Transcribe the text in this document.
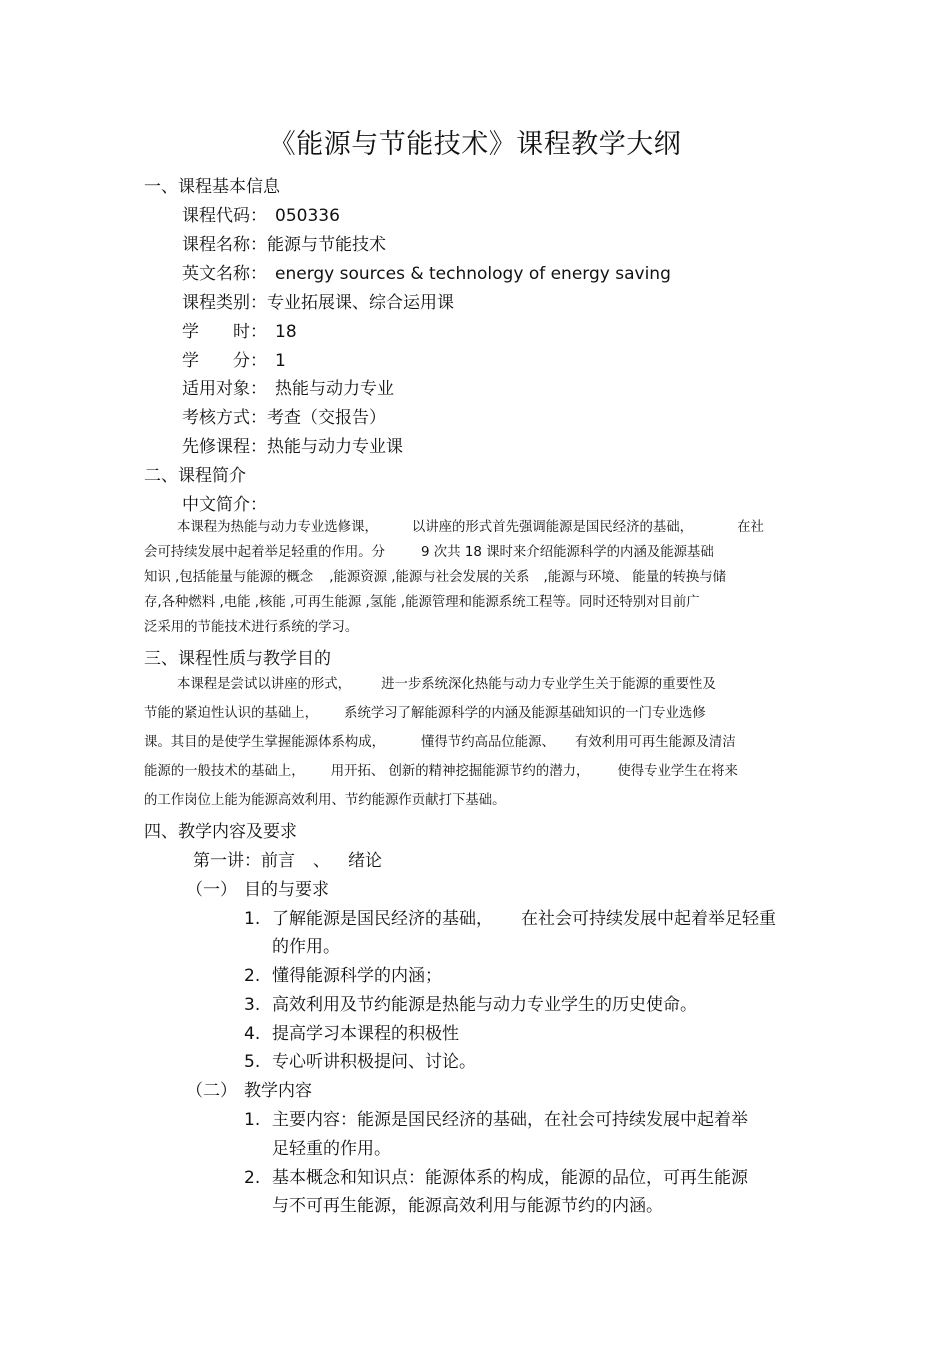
《能源与节能技术》课程教学大纲
一、课程基本信息
课程代码： 050336
课程名称：能源与节能技术
英文名称： energy sources & technology of energy saving
课程类别：专业拓展课、综合运用课
学　　时： 18
学　　分： 1
适用对象： 热能与动力专业
考核方式：考查（交报告）
先修课程：热能与动力专业课
二、课程简介
中文简介：
本课程为热能与动力专业选修课，	以讲座的形式首先强调能源是国民经济的基础，	在社
会可持续发展中起着举足轻重的作用。分	9 次共 18 课时来介绍能源科学的内涵及能源基础
知识 ,包括能量与能源的概念 ,能源资源 ,能源与社会发展的关系 ,能源与环境、 能量的转换与储
存,各种燃料 ,电能 ,核能 ,可再生能源 ,氢能 ,能源管理和能源系统工程等。同时还特别对目前广
泛采用的节能技术进行系统的学习。
三、课程性质与教学目的
本课程是尝试以讲座的形式， 进一步系统深化热能与动力专业学生关于能源的重要性及
节能的紧迫性认识的基础上， 系统学习了解能源科学的内涵及能源基础知识的一门专业选修
课。其目的是使学生掌握能源体系构成，	懂得节约高品位能源、 有效利用可再生能源及清洁
能源的一般技术的基础上， 用开拓、 创新的精神挖掘能源节约的潜力， 使得专业学生在将来
的工作岗位上能为能源高效利用、节约能源作贡献打下基础。
四、教学内容及要求
第一讲：前言 、 绪论
（一） 目的与要求
1. 了解能源是国民经济的基础， 在社会可持续发展中起着举足轻重
的作用。
2. 懂得能源科学的内涵；
3. 高效利用及节约能源是热能与动力专业学生的历史使命。
4. 提高学习本课程的积极性
5. 专心听讲积极提问、讨论。
（二） 教学内容
1. 主要内容：能源是国民经济的基础，在社会可持续发展中起着举
足轻重的作用。
2. 基本概念和知识点：能源体系的构成，能源的品位，可再生能源
与不可再生能源，能源高效利用与能源节约的内涵。
